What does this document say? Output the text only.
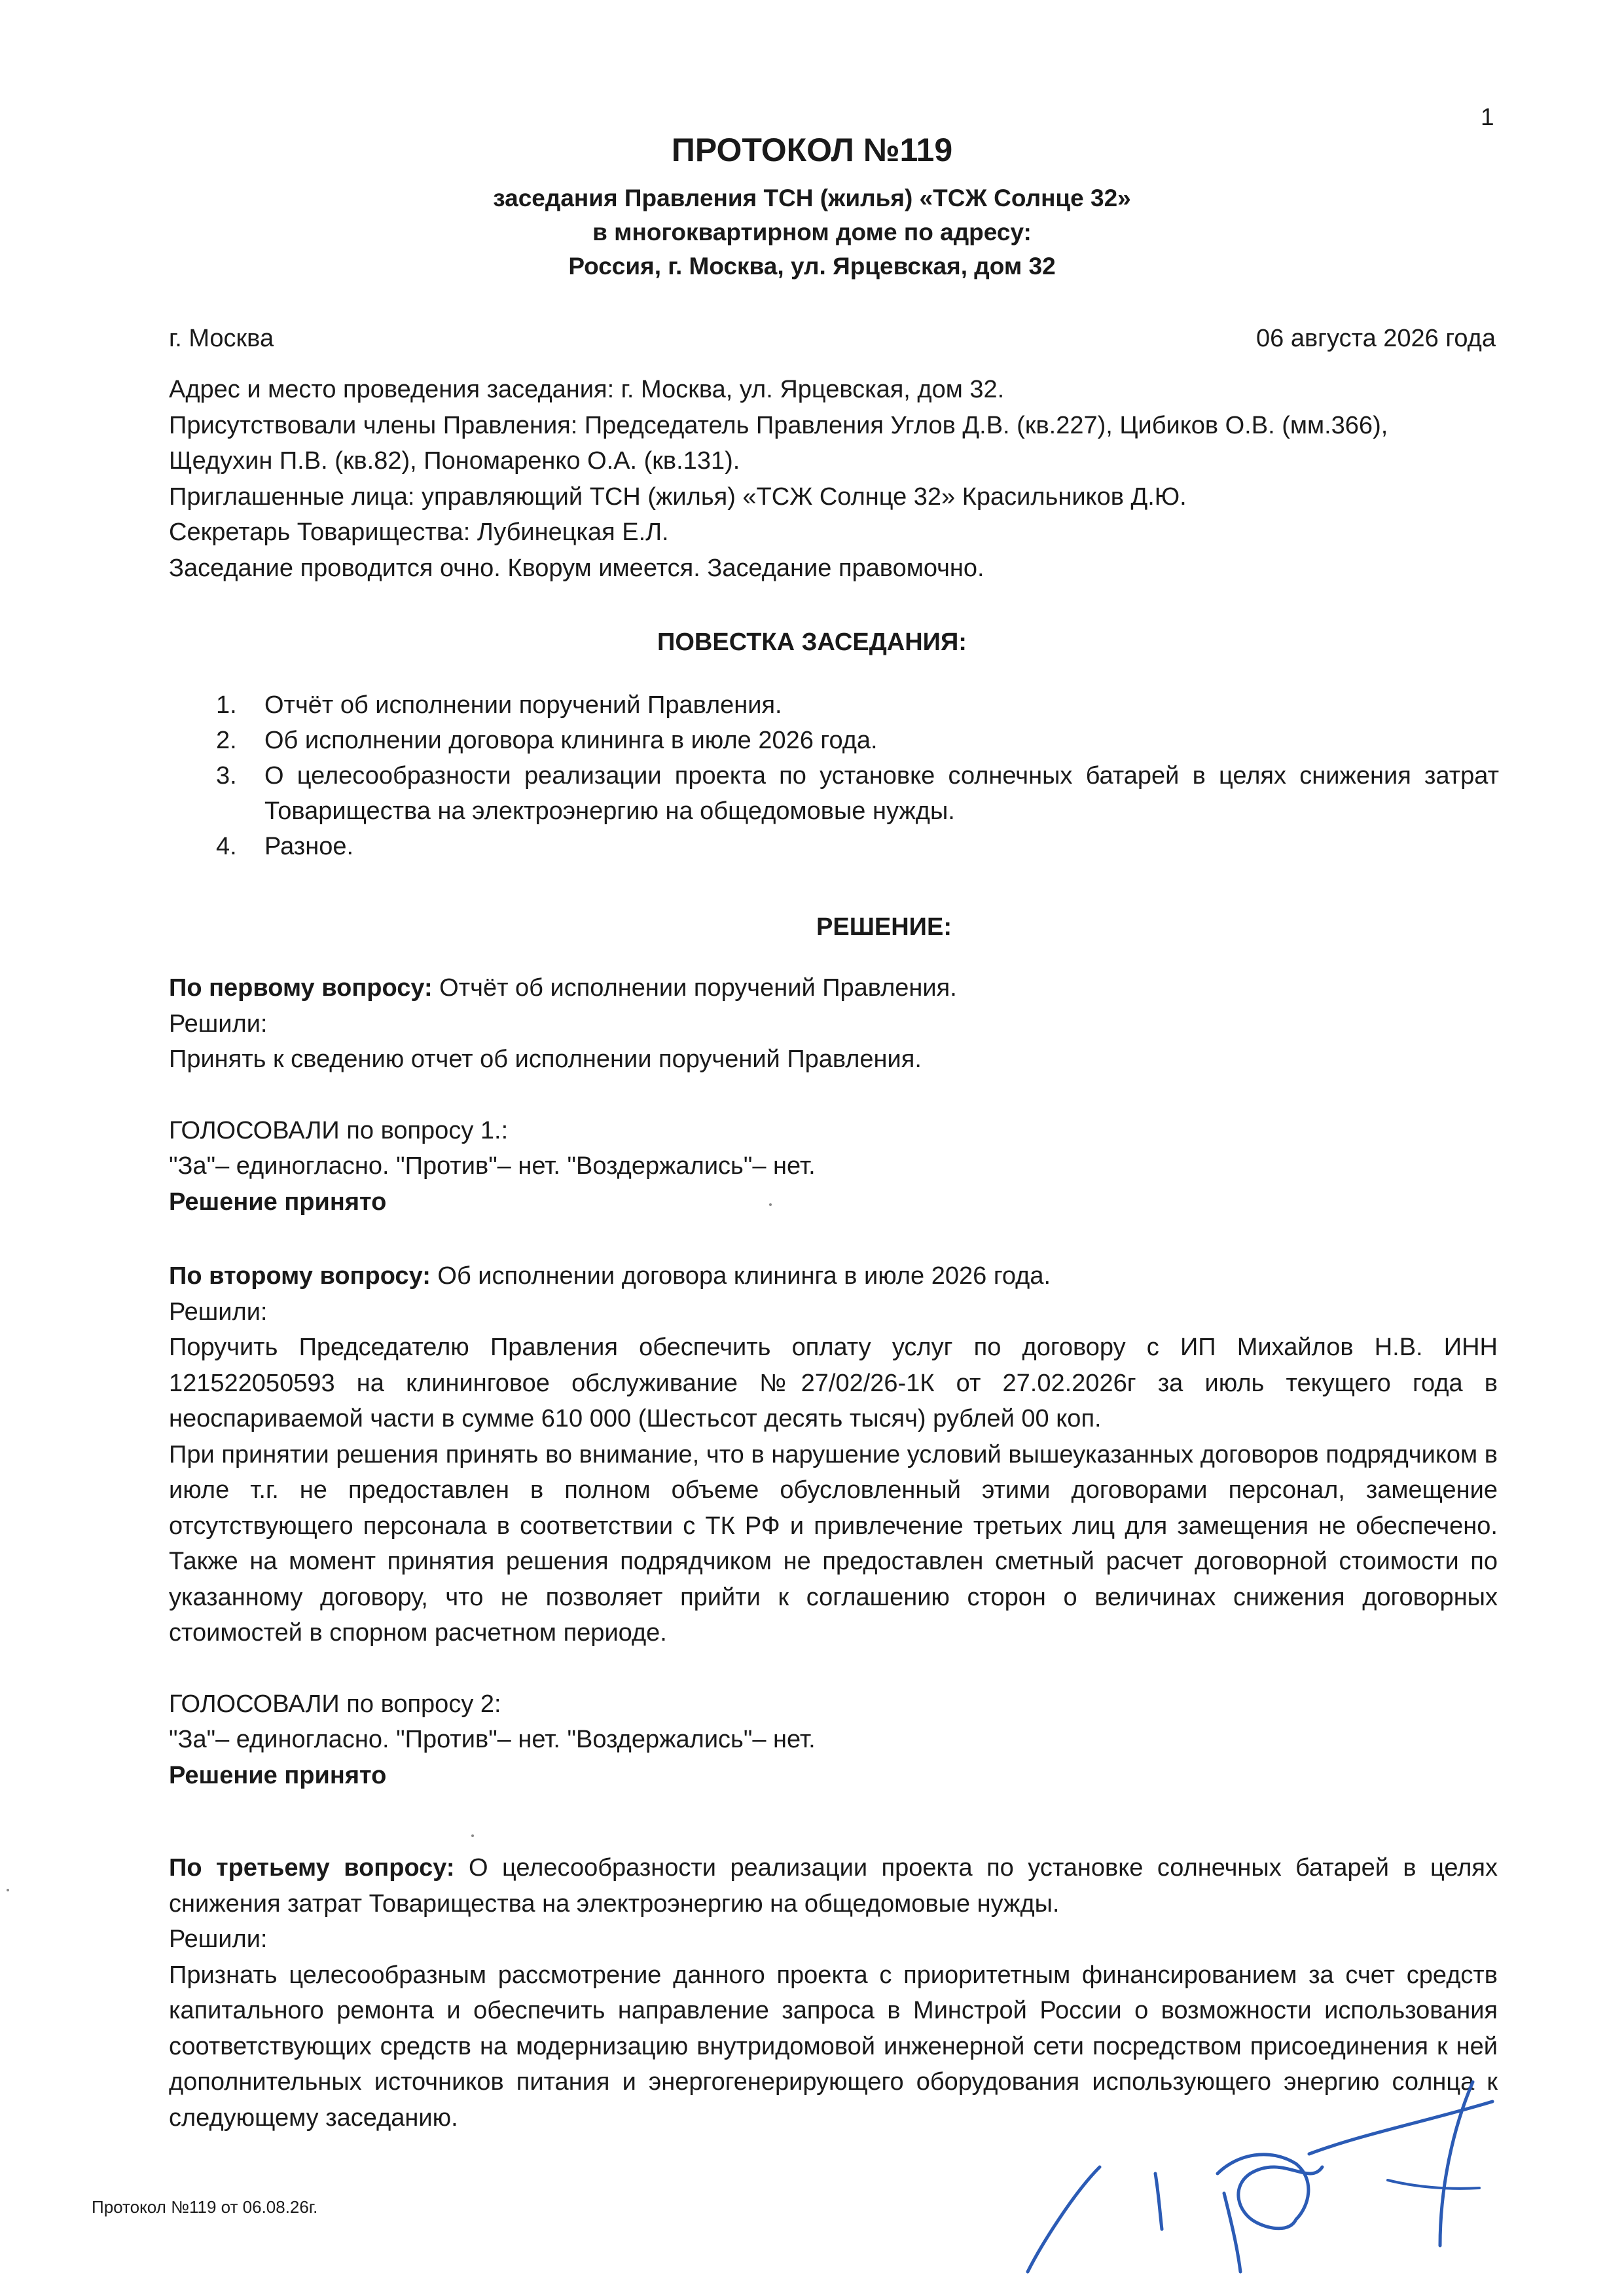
1
ПРОТОКОЛ №119
заседания Правления ТСН (жилья) «ТСЖ Солнце 32»
в многоквартирном доме по адресу:
Россия, г. Москва, ул. Ярцевская, дом 32
г. Москва	06 августа 2026 года

Адрес и место проведения заседания: г. Москва, ул. Ярцевская, дом 32.

Присутствовали члены Правления: Председатель Правления Углов Д.В. (кв.227), Цибиков О.В. (мм.366), Щедухин П.В. (кв.82), Пономаренко О.А. (кв.131).

Приглашенные лица: управляющий ТСН (жилья) «ТСЖ Солнце 32» Красильников Д.Ю.

Секретарь Товарищества: Лубинецкая Е.Л.

Заседание проводится очно. Кворум имеется. Заседание правомочно.

ПОВЕСТКА ЗАСЕДАНИЯ:
1. Отчёт об исполнении поручений Правления.
2. Об исполнении договора клининга в июле 2026 года.
3. О целесообразности реализации проекта по установке солнечных батарей в целях снижения затрат Товарищества на электроэнергию на общедомовые нужды.
4. Разное.
РЕШЕНИЕ:

По первому вопросу: Отчёт об исполнении поручений Правления.

Решили:

Принять к сведению отчет об исполнении поручений Правления.

ГОЛОСОВАЛИ по вопросу 1.:

"За"– единогласно. "Против"– нет. "Воздержались"– нет.

Решение принято

По второму вопросу: Об исполнении договора клининга в июле 2026 года.

Решили:

Поручить Председателю Правления обеспечить оплату услуг по договору с ИП Михайлов Н.В. ИНН 121522050593 на клининговое обслуживание №27/02/26-1К от 27.02.2026г за июль текущего года в неоспариваемой части в сумме 610 000 (Шестьсот десять тысяч) рублей 00 коп.

При принятии решения принять во внимание, что в нарушение условий вышеуказанных договоров подрядчиком в июле т.г. не предоставлен в полном объеме обусловленный этими договорами персонал, замещение отсутствующего персонала в соответствии с ТК РФ и привлечение третьих лиц для замещения не обеспечено. Также на момент принятия решения подрядчиком не предоставлен сметный расчет договорной стоимости по указанному договору, что не позволяет прийти к соглашению сторон о величинах снижения договорных стоимостей в спорном расчетном периоде.

ГОЛОСОВАЛИ по вопросу 2:

"За"– единогласно. "Против"– нет. "Воздержались"– нет.

Решение принято

По третьему вопросу: О целесообразности реализации проекта по установке солнечных батарей в целях снижения затрат Товарищества на электроэнергию на общедомовые нужды.

Решили:

Признать целесообразным рассмотрение данного проекта с приоритетным финансированием за счет средств капитального ремонта и обеспечить направление запроса в Минстрой России о возможности использования соответствующих средств на модернизацию внутридомовой инженерной сети посредством присоединения к ней дополнительных источников питания и энергогенерирующего оборудования использующего энергию солнца к следующему заседанию.

Протокол №119 от 06.08.26г.
